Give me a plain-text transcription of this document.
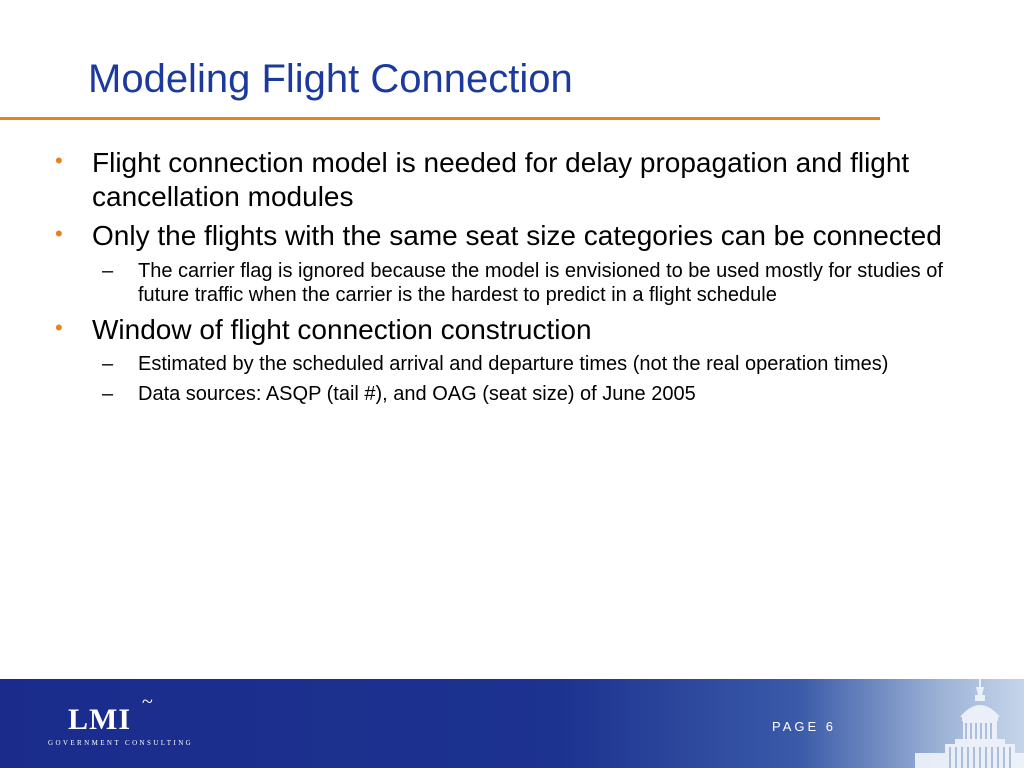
Modeling Flight Connection
• Flight connection model is needed for delay propagation and flight cancellation modules
• Only the flights with the same seat size categories can be connected
– The carrier flag is ignored because the model is envisioned to be used mostly for studies of future traffic when the carrier is the hardest to predict in a flight schedule
• Window of flight connection construction
– Estimated by the scheduled arrival and departure times (not the real operation times)
– Data sources: ASQP (tail #), and OAG (seat size) of June 2005
LMI
~
GOVERNMENT CONSULTING
PAGE 6
